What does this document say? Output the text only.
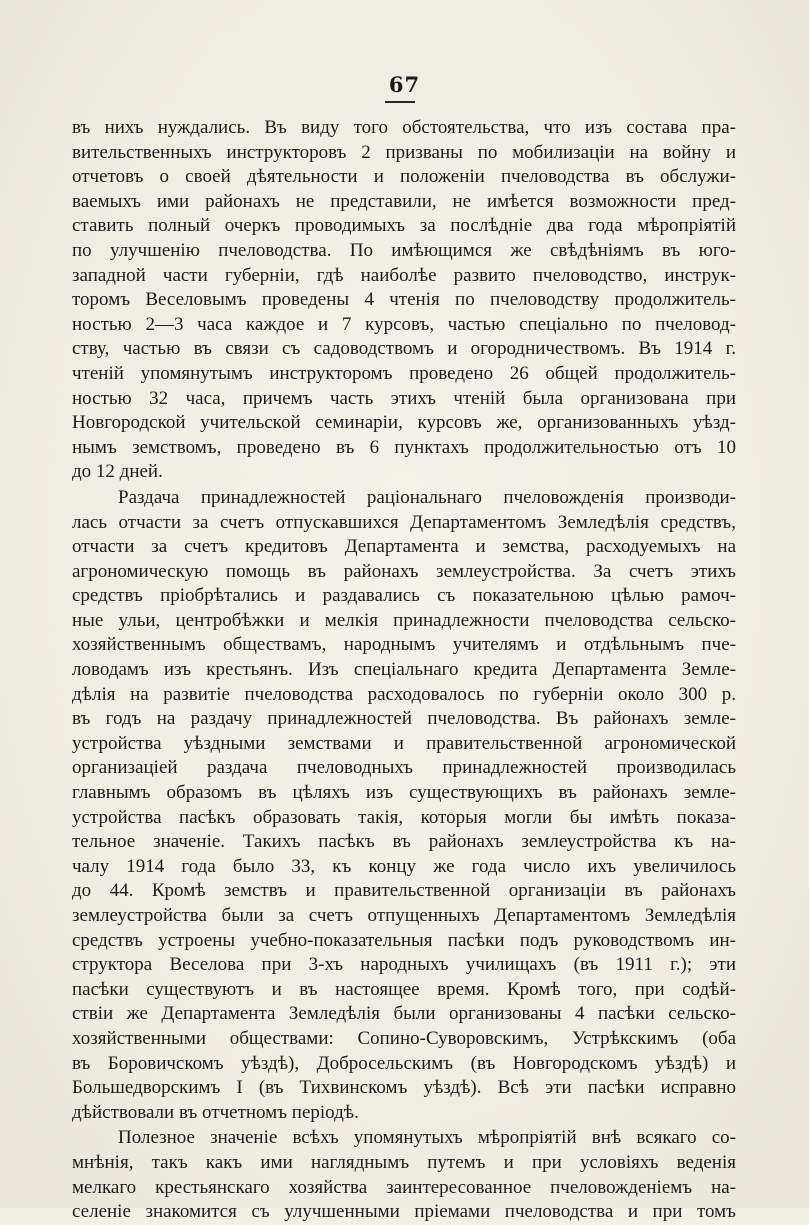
67
въ нихъ нуждались. Въ виду того обстоятельства, что изъ состава пра-
вительственныхъ инструкторовъ 2 призваны по мобилизаціи на войну и
отчетовъ о своей дѣятельности и положеніи пчеловодства въ обслужи-
ваемыхъ ими районахъ не представили, не имѣется возможности пред-
ставить полный очеркъ проводимыхъ за послѣдніе два года мѣропріятій
по улучшенію пчеловодства. По имѣющимся же свѣдѣніямъ въ юго-
западной части губерніи, гдѣ наиболѣе развито пчеловодство, инструк-
торомъ Веселовымъ проведены 4 чтенія по пчеловодству продолжитель-
ностью 2—3 часа каждое и 7 курсовъ, частью спеціально по пчеловод-
ству, частью въ связи съ садоводствомъ и огородничествомъ. Въ 1914 г.
чтеній упомянутымъ инструкторомъ проведено 26 общей продолжитель-
ностью 32 часа, причемъ часть этихъ чтеній была организована при
Новгородской учительской семинаріи, курсовъ же, организованныхъ уѣзд-
нымъ земствомъ, проведено въ 6 пунктахъ продолжительностью отъ 10
до 12 дней.
Раздача принадлежностей раціональнаго пчеловожденія производи-
лась отчасти за счетъ отпускавшихся Департаментомъ Земледѣлія средствъ,
отчасти за счетъ кредитовъ Департамента и земства, расходуемыхъ на
агрономическую помощь въ районахъ землеустройства. За счетъ этихъ
средствъ пріобрѣтались и раздавались съ показательною цѣлью рамоч-
ные ульи, центробѣжки и мелкія принадлежности пчеловодства сельско-
хозяйственнымъ обществамъ, народнымъ учителямъ и отдѣльнымъ пче-
ловодамъ изъ крестьянъ. Изъ спеціальнаго кредита Департамента Земле-
дѣлія на развитіе пчеловодства расходовалось по губерніи около 300 р.
въ годъ на раздачу принадлежностей пчеловодства. Въ районахъ земле-
устройства уѣздными земствами и правительственной агрономической
организаціей раздача пчеловодныхъ принадлежностей производилась
главнымъ образомъ въ цѣляхъ изъ существующихъ въ районахъ земле-
устройства пасѣкъ образовать такія, которыя могли бы имѣть показа-
тельное значеніе. Такихъ пасѣкъ въ районахъ землеустройства къ на-
чалу 1914 года было 33, къ концу же года число ихъ увеличилось
до 44. Кромѣ земствъ и правительственной организаціи въ районахъ
землеустройства были за счетъ отпущенныхъ Департаментомъ Земледѣлія
средствъ устроены учебно-показательныя пасѣки подъ руководствомъ ин-
структора Веселова при 3-хъ народныхъ училищахъ (въ 1911 г.); эти
пасѣки существуютъ и въ настоящее время. Кромѣ того, при содѣй-
ствіи же Департамента Земледѣлія были организованы 4 пасѣки сельско-
хозяйственными обществами: Сопино-Суворовскимъ, Устрѣкскимъ (оба
въ Боровичскомъ уѣздѣ), Добросельскимъ (въ Новгородскомъ уѣздѣ) и
Большедворскимъ I (въ Тихвинскомъ уѣздѣ). Всѣ эти пасѣки исправно
дѣйствовали въ отчетномъ періодѣ.
Полезное значеніе всѣхъ упомянутыхъ мѣропріятій внѣ всякаго со-
мнѣнія, такъ какъ ими нагляднымъ путемъ и при условіяхъ веденія
мелкаго крестьянскаго хозяйства заинтересованное пчеловожденіемъ на-
селеніе знакомится съ улучшенными пріемами пчеловодства и при томъ
